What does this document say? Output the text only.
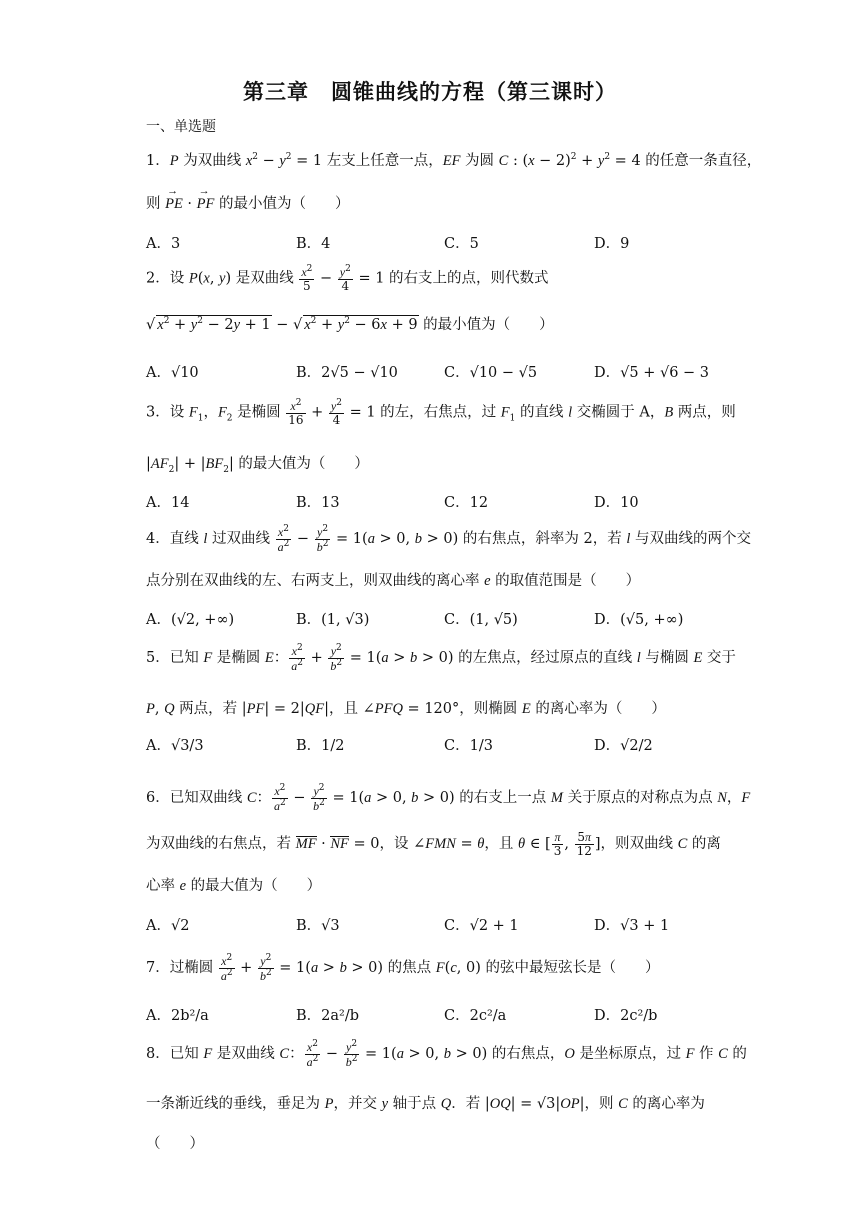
第三章　圆锥曲线的方程（第三课时）
一、单选题
1．P 为双曲线 $x^2 - y^2 = 1$ 左支上任意一点，EF 为圆 C : $(x - 2)^2 + y^2 = 4$ 的任意一条直径，
则 → PE · → PF 的最小值为（　　）
A．3	B．4	C．5	D．9
2．设 P(x, y) 是双曲线 $\frac{x^2}{5} - \frac{y^2}{4} = 1$ 的右支上的点，则代数式
√ $x^2 + y^2 - 2y + 1$ − √ $x^2 + y^2 - 6x + 9$ 的最小值为（　　）
A．√10	B．2√5 − √10	C．√10 − √5	D．√5 + √6 − 3
3．设 $F_1$，$F_2$ 是椭圆 $\frac{x^2}{16} + \frac{y^2}{4} = 1$ 的左，右焦点，过 $F_1$ 的直线 l 交椭圆于 A，B 两点，则
$|AF_2| + |BF_2|$ 的最大值为（　　）
A．14	B．13	C．12	D．10
4．直线 l 过双曲线 $\frac{x^2}{a^2} - \frac{y^2}{b^2} = 1(a > 0$, b > 0) 的右焦点，斜率为 2，若 l 与双曲线的两个交
点分别在双曲线的左、右两支上，则双曲线的离心率 e 的取值范围是（　　）
A．(√2, +∞)	B．(1, √3)	C．(1, √5)	D．(√5, +∞)
5．已知 F 是椭圆 E： $\frac{x^2}{a^2} + \frac{y^2}{b^2} = 1(a > b > 0)$ 的左焦点，经过原点的直线 l 与椭圆 E 交于
P, Q 两点，若 |PF| = 2|QF|，且 ∠PFQ = 120°，则椭圆 E 的离心率为（　　）
A．√3/3	B．1/2	C．1/3	D．√2/2
6．已知双曲线 C： $\frac{x^2}{a^2} - \frac{y^2}{b^2} = 1(a > 0$, b > 0) 的右支上一点 M 关于原点的对称点为点 N，F
为双曲线的右焦点，若 MF · NF = 0，设 ∠FMN = θ，且 θ ∈ [ $\frac{\pi}{3}$ , $\frac{5\pi}{12}$ ]，则双曲线 C 的离
心率 e 的最大值为（　　）
A．√2	B．√3	C．√2 + 1	D．√3 + 1
7．过椭圆 $\frac{x^2}{a^2} + \frac{y^2}{b^2} = 1(a > b > 0)$ 的焦点 F(c, 0) 的弦中最短弦长是（　　）
A．2b²/a	B．2a²/b	C．2c²/a	D．2c²/b
8．已知 F 是双曲线 C： $\frac{x^2}{a^2} - \frac{y^2}{b^2} = 1(a > 0$, b > 0) 的右焦点，O 是坐标原点，过 F 作 C 的
一条渐近线的垂线，垂足为 P，并交 y 轴于点 Q．若 |OQ| = √3|OP|，则 C 的离心率为
（　　）
